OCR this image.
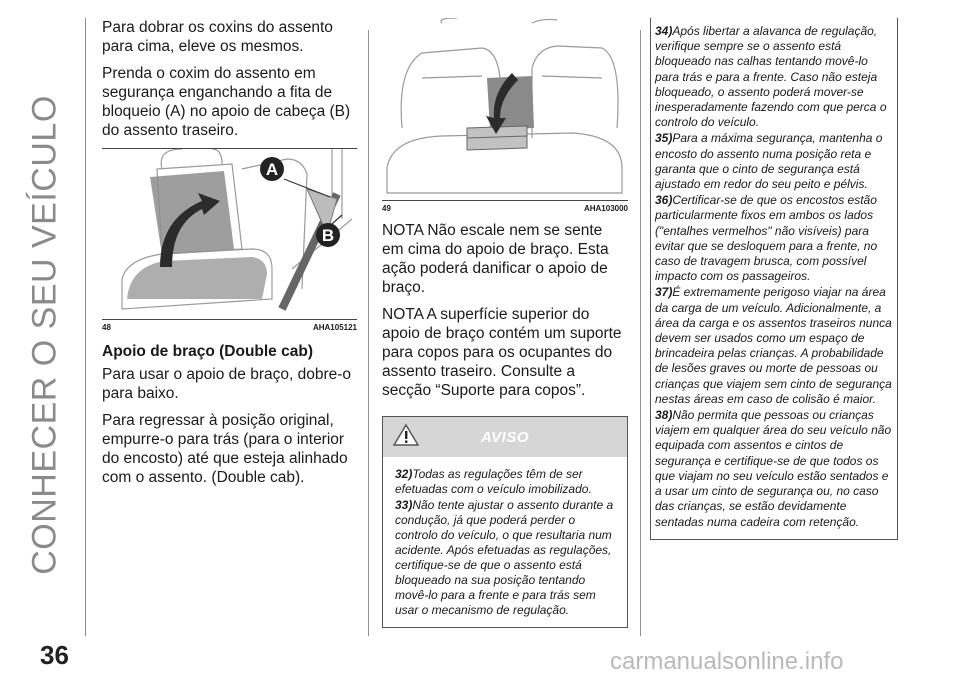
CONHECER O SEU VEÍCULO

Para dobrar os coxins do assento para cima, eleve os mesmos.

Prenda o coxim do assento em segurança enganchando a fita de bloqueio (A) no apoio de cabeça (B) do assento traseiro.

A
B
48	AHA105121
Apoio de braço (Double cab)

Para usar o apoio de braço, dobre-o para baixo.

Para regressar à posição original, empurre-o para trás (para o interior do encosto) até que esteja alinhado com o assento. (Double cab).

49	AHA103000

NOTA Não escale nem se sente em cima do apoio de braço. Esta ação poderá danificar o apoio de braço.

NOTA A superfície superior do apoio de braço contém um suporte para copos para os ocupantes do assento traseiro. Consulte a secção “Suporte para copos”.

AVISO

32)Todas as regulações têm de ser efetuadas com o veículo imobilizado.

33)Não tente ajustar o assento durante a condução, já que poderá perder o controlo do veículo, o que resultaria num acidente. Após efetuadas as regulações, certifique-se de que o assento está bloqueado na sua posição tentando movê-lo para a frente e para trás sem usar o mecanismo de regulação.

34)Após libertar a alavanca de regulação, verifique sempre se o assento está bloqueado nas calhas tentando movê-lo para trás e para a frente. Caso não esteja bloqueado, o assento poderá mover-se inesperadamente fazendo com que perca o controlo do veículo.

35)Para a máxima segurança, mantenha o encosto do assento numa posição reta e garanta que o cinto de segurança está ajustado em redor do seu peito e pélvis.

36)Certificar-se de que os encostos estão particularmente fixos em ambos os lados ("entalhes vermelhos" não visíveis) para evitar que se desloquem para a frente, no caso de travagem brusca, com possível impacto com os passageiros.

37)É extremamente perigoso viajar na área da carga de um veículo. Adicionalmente, a área da carga e os assentos traseiros nunca devem ser usados como um espaço de brincadeira pelas crianças. A probabilidade de lesões graves ou morte de pessoas ou crianças que viajem sem cinto de segurança nestas áreas em caso de colisão é maior.

38)Não permita que pessoas ou crianças viajem em qualquer área do seu veículo não equipada com assentos e cintos de segurança e certifique-se de que todos os que viajam no seu veículo estão sentados e a usar um cinto de segurança ou, no caso das crianças, se estão devidamente sentadas numa cadeira com retenção.

36	carmanualsonline.info
